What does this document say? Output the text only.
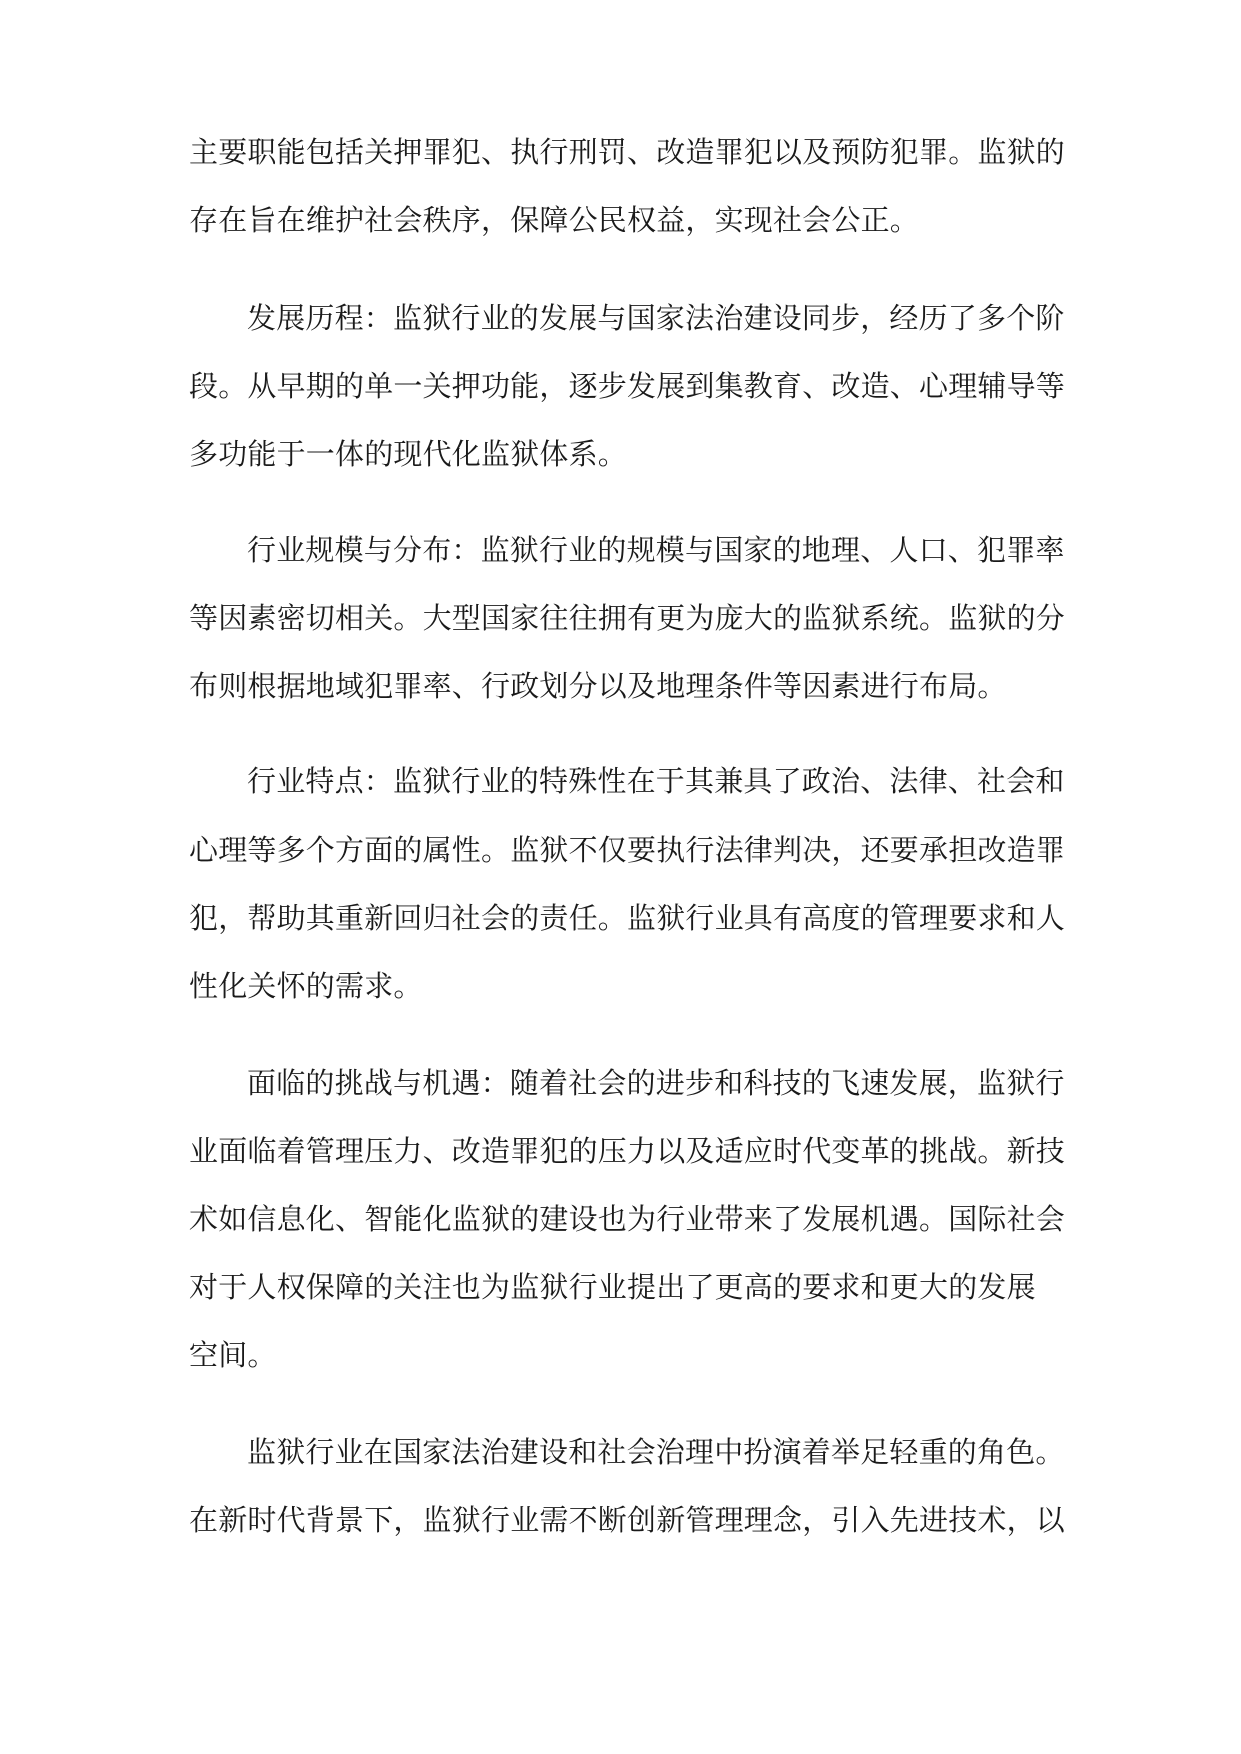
主要职能包括关押罪犯、执行刑罚、改造罪犯以及预防犯罪。监狱的
存在旨在维护社会秩序，保障公民权益，实现社会公正。
发展历程：监狱行业的发展与国家法治建设同步，经历了多个阶
段。从早期的单一关押功能，逐步发展到集教育、改造、心理辅导等
多功能于一体的现代化监狱体系。
行业规模与分布：监狱行业的规模与国家的地理、人口、犯罪率
等因素密切相关。大型国家往往拥有更为庞大的监狱系统。监狱的分
布则根据地域犯罪率、行政划分以及地理条件等因素进行布局。
行业特点：监狱行业的特殊性在于其兼具了政治、法律、社会和
心理等多个方面的属性。监狱不仅要执行法律判决，还要承担改造罪
犯，帮助其重新回归社会的责任。监狱行业具有高度的管理要求和人
性化关怀的需求。
面临的挑战与机遇：随着社会的进步和科技的飞速发展，监狱行
业面临着管理压力、改造罪犯的压力以及适应时代变革的挑战。新技
术如信息化、智能化监狱的建设也为行业带来了发展机遇。国际社会
对于人权保障的关注也为监狱行业提出了更高的要求和更大的发展
空间。
监狱行业在国家法治建设和社会治理中扮演着举足轻重的角色。
在新时代背景下，监狱行业需不断创新管理理念，引入先进技术，以
